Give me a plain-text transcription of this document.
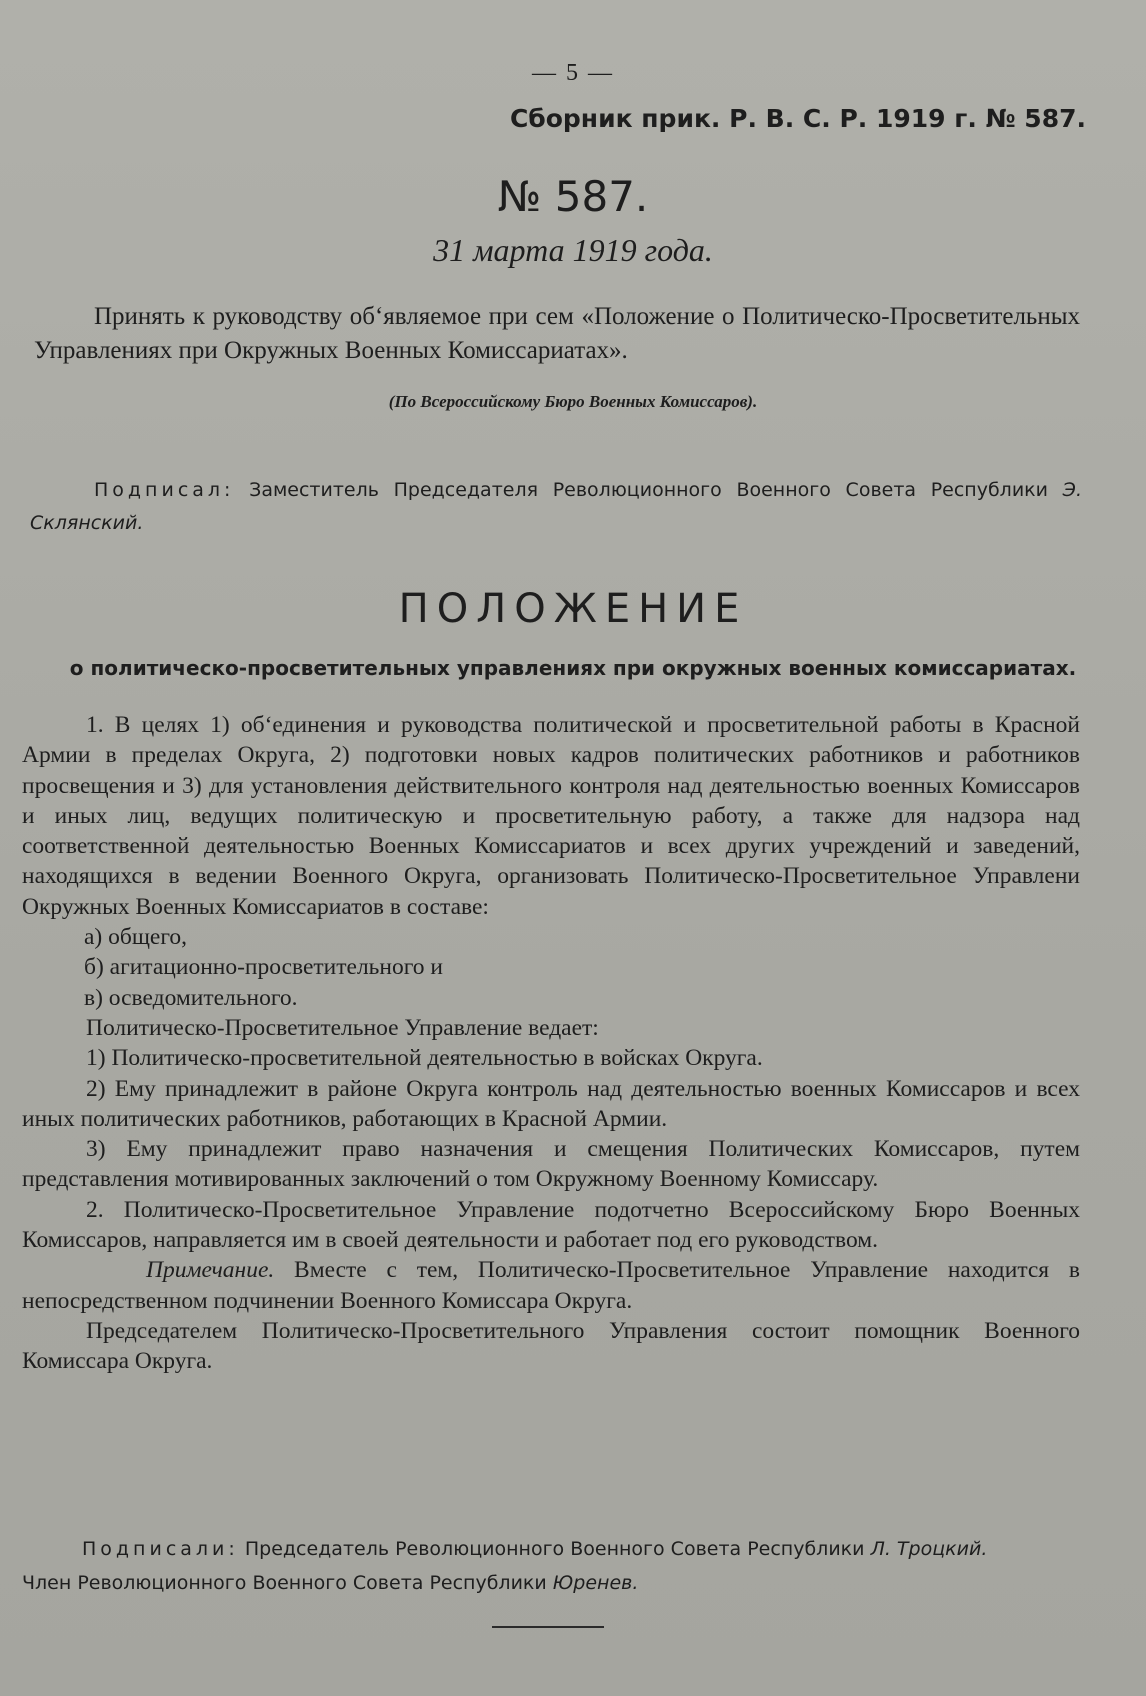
— 5 —
Сборник прик. Р. В. С. Р. 1919 г. № 587.
№ 587.
31 марта 1919 года.
Принять к руководству об‘являемое при сем «Положение о Политическо-Просветительных Управлениях при Окружных Военных Комиссариатах».
(По Всероссийскому Бюро Военных Комиссаров).
Подписал: Заместитель Председателя Революционного Военного Совета Республики Э. Склянский.
ПОЛОЖЕНИЕ
о политическо-просветительных управлениях при окружных военных комиссариатах.

1. В целях 1) об‘единения и руководства политической и просветительной работы в Красной Армии в пределах Округа, 2) подготовки новых кадров политических работников и работников просвещения и 3) для установления действительного контроля над деятельностью военных Комиссаров и иных лиц, ведущих политическую и просветительную работу, а также для надзора над соответственной деятельностью Военных Комиссариатов и всех других учреждений и заведений, находящихся в ведении Военного Округа, организовать Политическо-Просветительное Управлени Окружных Военных Комиссариатов в составе:

а) общего,

б) агитационно-просветительного и

в) осведомительного.

Политическо-Просветительное Управление ведает:

1) Политическо-просветительной деятельностью в войсках Округа.

2) Ему принадлежит в районе Округа контроль над деятельностью военных Комиссаров и всех иных политических работников, работающих в Красной Армии.

3) Ему принадлежит право назначения и смещения Политических Комиссаров, путем представления мотивированных заключений о том Окружному Военному Комиссару.

2. Политическо-Просветительное Управление подотчетно Всероссийскому Бюро Военных Комиссаров, направляется им в своей деятельности и работает под его руководством.

Примечание. Вместе с тем, Политическо-Просветительное Управление находится в непосредственном подчинении Военного Комиссара Округа.

Председателем Политическо-Просветительного Управления состоит помощник Военного Комиссара Округа.

Подписали: Председатель Революционного Военного Совета Республики Л. Троцкий.
Член Революционного Военного Совета Республики Юренев.
